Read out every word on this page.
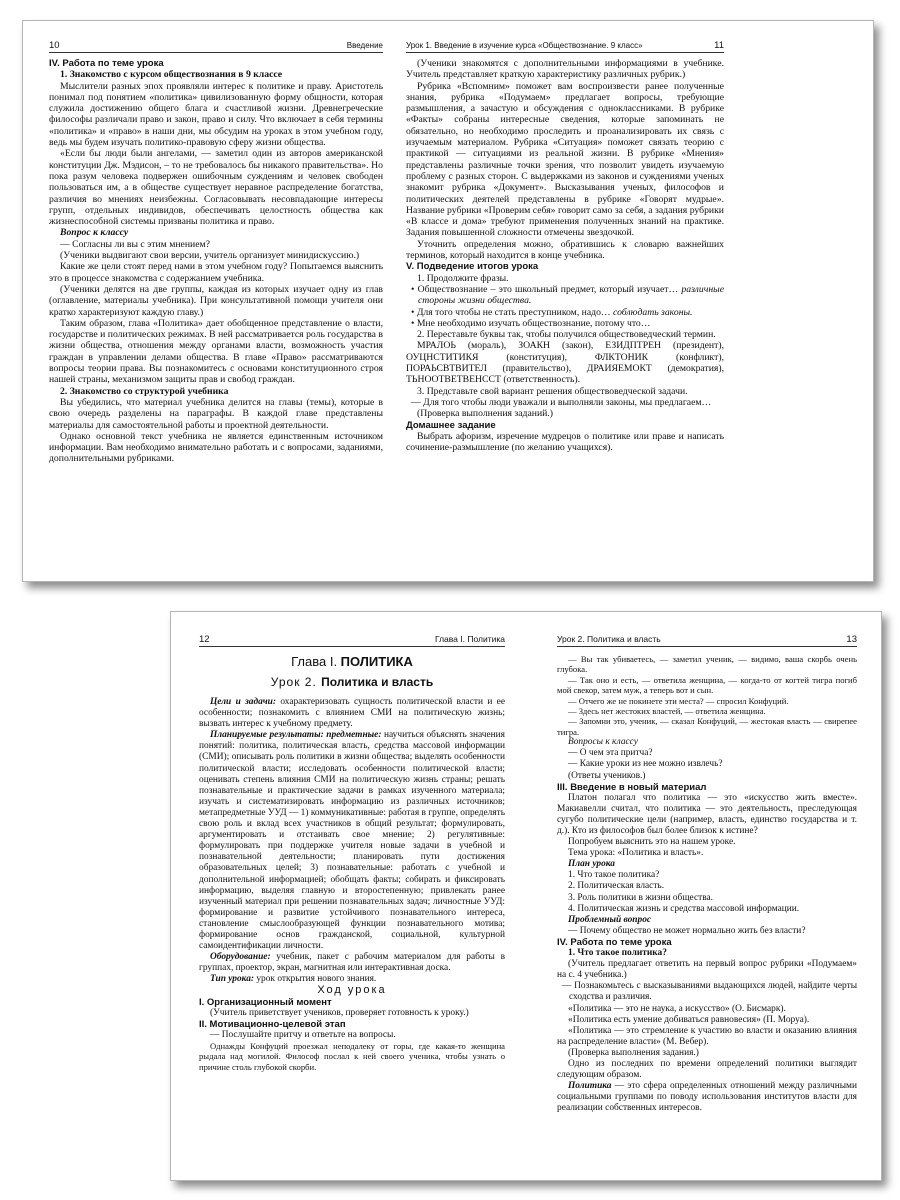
10	Введение

IV. Работа по теме урока

1. Знакомство с курсом обществознания в 9 классе

Мыслители разных эпох проявляли интерес к политике и праву. Аристотель понимал под понятием «политика» цивилизованную форму общности, которая служила достижению общего блага и счастливой жизни. Древнегреческие философы различали право и закон, право и силу. Что включает в себя термины «политика» и «право» в наши дни, мы обсудим на уроках в этом учебном году, ведь мы будем изучать политико-правовую сферу жизни общества.

«Если бы люди были ангелами, — заметил один из авторов американской конституции Дж. Мэдисон, – то не требовалось бы никакого правительства». Но пока разум человека подвержен ошибочным суждениям и человек свободен пользоваться им, а в обществе существует неравное распределение богатства, различия во мнениях неизбежны. Согласовывать несовпадающие интересы групп, отдельных индивидов, обеспечивать целостность общества как жизнеспособной системы призваны политика и право.

Вопрос к классу

— Согласны ли вы с этим мнением?

(Ученики выдвигают свои версии, учитель организует минидискуссию.)

Какие же цели стоят перед нами в этом учебном году? Попытаемся выяснить это в процессе знакомства с содержанием учебника.

(Ученики делятся на две группы, каждая из которых изучает одну из глав (оглавление, материалы учебника). При консультативной помощи учителя они кратко характеризуют каждую главу.)

Таким образом, глава «Политика» дает обобщенное представление о власти, государстве и политических режимах. В ней рассматривается роль государства в жизни общества, отношения между органами власти, возможность участия граждан в управлении делами общества. В главе «Право» рассматриваются вопросы теории права. Вы познакомитесь с основами конституционного строя нашей страны, механизмом защиты прав и свобод граждан.

2. Знакомство со структурой учебника

Вы убедились, что материал учебника делится на главы (темы), которые в свою очередь разделены на параграфы. В каждой главе представлены материалы для самостоятельной работы и проектной деятельности.

Однако основной текст учебника не является единственным источником информации. Вам необходимо внимательно работать и с вопросами, заданиями, дополнительными рубриками.

Урок 1. Введение в изучение курса «Обществознание. 9 класс»	11

(Ученики знакомятся с дополнительными информациями в учебнике. Учитель представляет краткую характеристику различных рубрик.)

Рубрика «Вспомним» поможет вам воспроизвести ранее полученные знания, рубрика «Подумаем» предлагает вопросы, требующие размышления, а зачастую и обсуждения с одноклассниками. В рубрике «Факты» собраны интересные сведения, которые запоминать не обязательно, но необходимо проследить и проанализировать их связь с изучаемым материалом. Рубрика «Ситуация» поможет связать теорию с практикой — ситуациями из реальной жизни. В рубрике «Мнения» представлены различные точки зрения, что позволит увидеть изучаемую проблему с разных сторон. С выдержками из законов и суждениями ученых знакомит рубрика «Документ». Высказывания ученых, философов и политических деятелей представлены в рубрике «Говорят мудрые». Название рубрики «Проверим себя» говорит само за себя, а задания рубрики «В классе и дома» требуют применения полученных знаний на практике. Задания повышенной сложности отмечены звездочкой.

Уточнить определения можно, обратившись к словарю важнейших терминов, который находится в конце учебника.

V. Подведение итогов урока

1. Продолжите фразы.

• Обществознание – это школьный предмет, который изучает… различные стороны жизни общества.

• Для того чтобы не стать преступником, надо… соблюдать законы.

• Мне необходимо изучать обществознание, потому что…

2. Переставьте буквы так, чтобы получился обществоведческий термин.

МРАЛОЬ (мораль), ЗОАКН (закон), ЕЗИДПТРЕН (президент), ОУЦНСТИТИКЯ (конституция), ФЛКТОНИК (конфликт), ПОРАЬСВТВИТЕЛ (правительство), ДРАИЯЕМОКТ (демократия), ТЬНООТВЕТВЕНССТ (ответственность).

3. Представьте свой вариант решения обществоведческой задачи.

— Для того чтобы люди уважали и выполняли законы, мы предлагаем…

(Проверка выполнения заданий.)

Домашнее задание

Выбрать афоризм, изречение мудрецов о политике или праве и написать сочинение-размышление (по желанию учащихся).

12	Глава I. Политика
Глава I. ПОЛИТИКА
Урок 2. Политика и власть

Цели и задачи: охарактеризовать сущность политической власти и ее особенности; познакомить с влиянием СМИ на политическую жизнь; вызвать интерес к учебному предмету.

Планируемые результаты: предметные: научиться объяснять значения понятий: политика, политическая власть, средства массовой информации (СМИ); описывать роль политики в жизни общества; выделять особенности политической власти; исследовать особенности политической власти; оценивать степень влияния СМИ на политическую жизнь страны; решать познавательные и практические задачи в рамках изученного материала; изучать и систематизировать информацию из различных источников; метапредметные УУД — 1) коммуникативные: работая в группе, определять свою роль и вклад всех участников в общий результат; формулировать, аргументировать и отстаивать свое мнение; 2) регулятивные: формулировать при поддержке учителя новые задачи в учебной и познавательной деятельности; планировать пути достижения образовательных целей; 3) познавательные: работать с учебной и дополнительной информацией; обобщать факты; собирать и фиксировать информацию, выделяя главную и второстепенную; привлекать ранее изученный материал при решении познавательных задач; личностные УУД: формирование и развитие устойчивого познавательного интереса, становление смыслообразующей функции познавательного мотива; формирование основ гражданской, социальной, культурной самоидентификации личности.

Оборудование: учебник, пакет с рабочим материалом для работы в группах, проектор, экран, магнитная или интерактивная доска.

Тип урока: урок открытия нового знания.

Ход урока

I. Организационный момент

(Учитель приветствует учеников, проверяет готовность к уроку.)

II. Мотивационно-целевой этап

— Послушайте притчу и ответьте на вопросы.

Однажды Конфуций проезжал неподалеку от горы, где какая-то женщина рыдала над могилой. Философ послал к ней своего ученика, чтобы узнать о причине столь глубокой скорби.

Урок 2. Политика и власть	13

— Вы так убиваетесь, — заметил ученик, — видимо, ваша скорбь очень глубока.

— Так оно и есть, — ответила женщина, — когда-то от когтей тигра погиб мой свекор, затем муж, а теперь вот и сын.

— Отчего же не покинете эти места? — спросил Конфуций.

— Здесь нет жестоких властей, — ответила женщина.

— Запомни это, ученик, — сказал Конфуций, — жестокая власть — свирепее тигра.

Вопросы к классу

— О чем эта притча?

— Какие уроки из нее можно извлечь?

(Ответы учеников.)

III. Введение в новый материал

Платон полагал что политика — это «искусство жить вместе». Макиавелли считал, что политика — это деятельность, преследующая сугубо политические цели (например, власть, единство государства и т. д.). Кто из философов был более близок к истине?

Попробуем выяснить это на нашем уроке.

Тема урока: «Политика и власть».

План урока

1. Что такое политика?

2. Политическая власть.

3. Роль политики в жизни общества.

4. Политическая жизнь и средства массовой информации.

Проблемный вопрос

— Почему общество не может нормально жить без власти?

IV. Работа по теме урока

1. Что такое политика?

(Учитель предлагает ответить на первый вопрос рубрики «Подумаем» на с. 4 учебника.)

— Познакомьтесь с высказываниями выдающихся людей, найдите черты сходства и различия.

«Политика — это не наука, а искусство» (О. Бисмарк).

«Политика есть умение добиваться равновесия» (П. Моруа).

«Политика — это стремление к участию во власти и оказанию влияния на распределение власти» (М. Вебер).

(Проверка выполнения задания.)

Одно из последних по времени определений политики выглядит следующим образом.

Политика — это сфера определенных отношений между различными социальными группами по поводу использования институтов власти для реализации собственных интересов.
